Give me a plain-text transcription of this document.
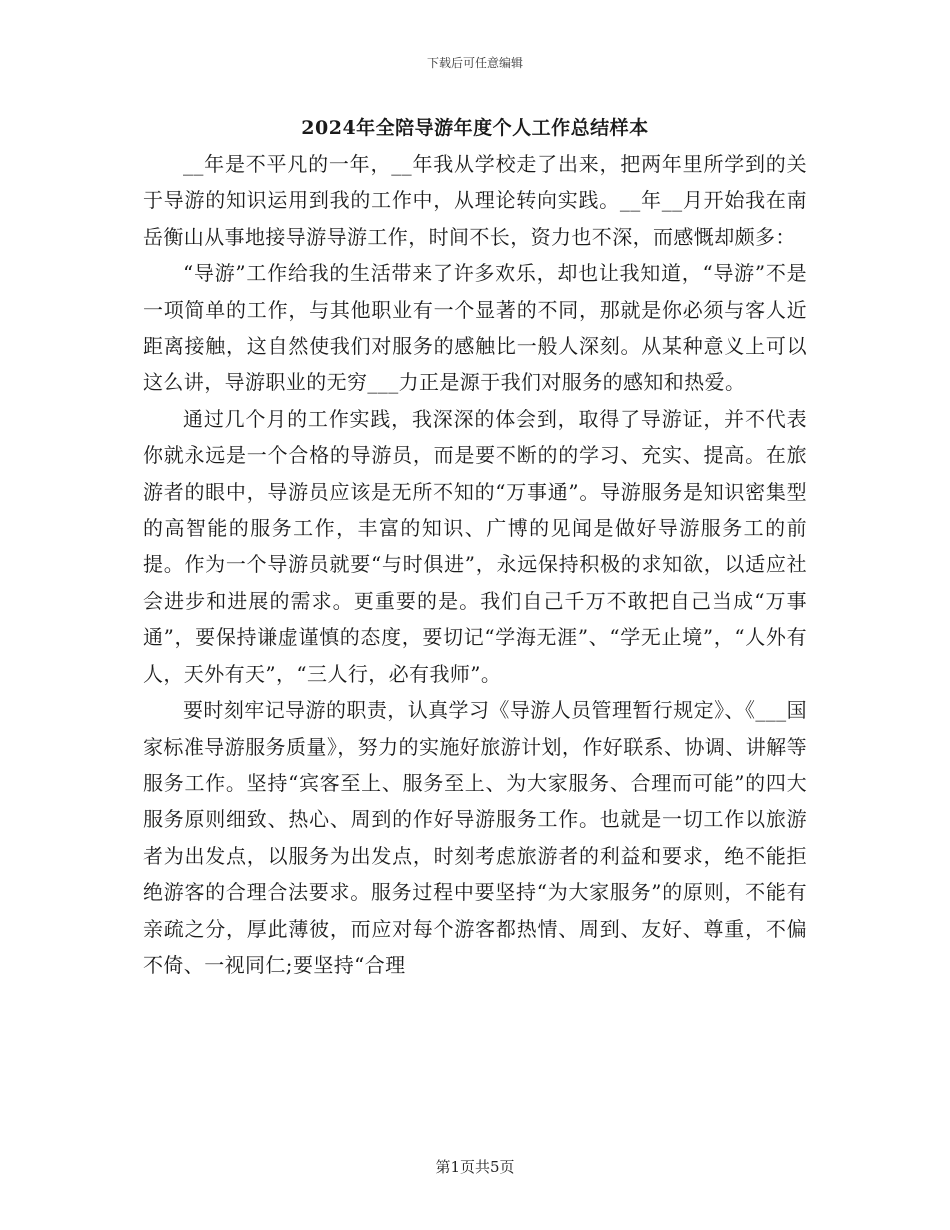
下载后可任意编辑
2024年全陪导游年度个人工作总结样本

__年是不平凡的一年，__年我从学校走了出来，把两年里所学到的关于导游的知识运用到我的工作中，从理论转向实践。__年__月开始我在南岳衡山从事地接导游导游工作，时间不长，资力也不深，而感慨却颇多：

“导游”工作给我的生活带来了许多欢乐，却也让我知道，“导游”不是一项简单的工作，与其他职业有一个显著的不同，那就是你必须与客人近距离接触，这自然使我们对服务的感触比一般人深刻。从某种意义上可以这么讲，导游职业的无穷___力正是源于我们对服务的感知和热爱。

通过几个月的工作实践，我深深的体会到，取得了导游证，并不代表你就永远是一个合格的导游员，而是要不断的的学习、充实、提高。在旅游者的眼中，导游员应该是无所不知的“万事通”。导游服务是知识密集型的高智能的服务工作，丰富的知识、广博的见闻是做好导游服务工的前提。作为一个导游员就要“与时俱进”，永远保持积极的求知欲，以适应社会进步和进展的需求。更重要的是。我们自己千万不敢把自己当成“万事通”，要保持谦虚谨慎的态度，要切记“学海无涯”、“学无止境”，“人外有人，天外有天”，“三人行，必有我师”。

要时刻牢记导游的职责，认真学习《导游人员管理暂行规定》、《___国家标准导游服务质量》，努力的实施好旅游计划，作好联系、协调、讲解等服务工作。坚持“宾客至上、服务至上、为大家服务、合理而可能”的四大服务原则细致、热心、周到的作好导游服务工作。也就是一切工作以旅游者为出发点，以服务为出发点，时刻考虑旅游者的利益和要求，绝不能拒绝游客的合理合法要求。服务过程中要坚持“为大家服务”的原则，不能有亲疏之分，厚此薄彼，而应对每个游客都热情、周到、友好、尊重，不偏不倚、一视同仁;要坚持“合理

第1页共5页
